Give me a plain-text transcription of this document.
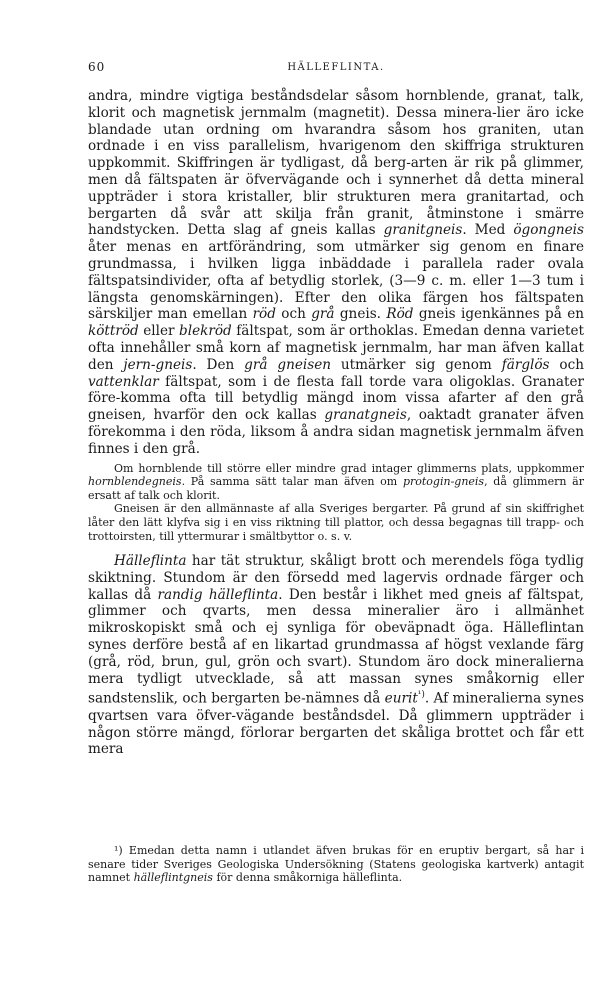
60	HÄLLEFLINTA.

andra, mindre vigtiga beståndsdelar såsom hornblende, granat, talk, klorit och magnetisk jernmalm (magnetit). Dessa minera-lier äro icke blandade utan ordning om hvarandra såsom hos graniten, utan ordnade i en viss parallelism, hvarigenom den skiffriga strukturen uppkommit. Skiffringen är tydligast, då berg-arten är rik på glimmer, men då fältspaten är öfvervägande och i synnerhet då detta mineral uppträder i stora kristaller, blir strukturen mera granitartad, och bergarten då svår att skilja från granit, åtminstone i smärre handstycken. Detta slag af gneis kallas granitgneis. Med ögongneis åter menas en artförändring, som utmärker sig genom en finare grundmassa, i hvilken ligga inbäddade i parallela rader ovala fältspatsindivider, ofta af betydlig storlek, (3—9 c. m. eller 1—3 tum i längsta genomskärningen). Efter den olika färgen hos fältspaten särskiljer man emellan röd och grå gneis. Röd gneis igenkännes på en köttröd eller blekröd fältspat, som är orthoklas. Emedan denna varietet ofta innehåller små korn af magnetisk jernmalm, har man äfven kallat den jern-gneis. Den grå gneisen utmärker sig genom färglös och vattenklar fältspat, som i de flesta fall torde vara oligoklas. Granater före-komma ofta till betydlig mängd inom vissa afarter af den grå gneisen, hvarför den ock kallas granatgneis, oaktadt granater äfven förekomma i den röda, liksom å andra sidan magnetisk jernmalm äfven finnes i den grå.

Om hornblende till större eller mindre grad intager glimmerns plats, uppkommer hornblendegneis. På samma sätt talar man äfven om protogin-gneis, då glimmern är ersatt af talk och klorit.

Gneisen är den allmännaste af alla Sveriges bergarter. På grund af sin skiffrighet låter den lätt klyfva sig i en viss riktning till plattor, och dessa begagnas till trapp- och trottoirsten, till yttermurar i smältbyttor o. s. v.

Hälleflinta har tät struktur, skåligt brott och merendels föga tydlig skiktning. Stundom är den försedd med lagervis ordnade färger och kallas då randig hälleflinta. Den består i likhet med gneis af fältspat, glimmer och qvarts, men dessa mineralier äro i allmänhet mikroskopiskt små och ej synliga för obeväpnadt öga. Hälleflintan synes derföre bestå af en likartad grundmassa af högst vexlande färg (grå, röd, brun, gul, grön och svart). Stundom äro dock mineralierna mera tydligt utvecklade, så att massan synes småkornig eller sandstenslik, och bergarten be-nämnes då eurit$^{^1)}$. Af mineralierna synes qvartsen vara öfver-vägande beståndsdel. Då glimmern uppträder i någon större mängd, förlorar bergarten det skåliga brottet och får ett mera

¹) Emedan detta namn i utlandet äfven brukas för en eruptiv bergart, så har i senare tider Sveriges Geologiska Undersökning (Statens geologiska kartverk) antagit namnet hälleflintgneis för denna småkorniga hälleflinta.
